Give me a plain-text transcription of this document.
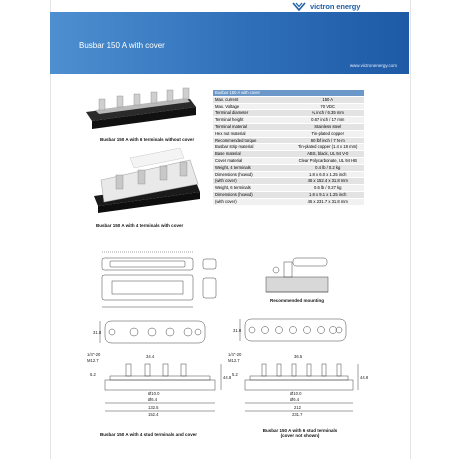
victron energy
Busbar 150 A with cover
www.victronenergy.com
Busbar 150 A with 6 terminals without cover
Busbar 150 A with 4 terminals with cover
Busbar 150 A with cover	
Max. current	150 A
Max. Voltage	70 VDC
Terminal diameter	¼ inch / 6.35 mm
Terminal height	0.67 inch / 17 mm
Terminal material	Stainless steel
Hex nut material	Tin-plated copper
Recommended torque	60 lbf inch / 7 N·m
Busbar strip material	Tin-plated copper (1.4 x 18 mm)
Base material	ABS, black, UL 94 V-0
Cover material	Clear Polycarbonate, UL 94 HB
Weight, 4 terminals	0.4 lb / 0.2 kg
Dimensions (hxwxd)	1.8 x 6.0 x 1.25 inch
(with cover)	45 x 152.4 x 31.8 mm
Weight, 6 terminals	0.6 lb / 0.27 kg
Dimensions (hxwxd)	1.8 x 9.1 x 1.25 inch
(with cover)	45 x 231.7 x 31.8 mm
Recommended mounting
1/4"-20
M12.7
34.4
5.2
Ø10.0
Ø6.4
132.5
152.4
31.8
44.8
Busbar 150 A with 4 stud terminals and cover
1/4"-20
M12.7
36.5
5.2
Ø10.0
Ø6.4
212
231.7
31.8
44.8
Busbar 150 A with 6 stud terminals
(cover not shown)
